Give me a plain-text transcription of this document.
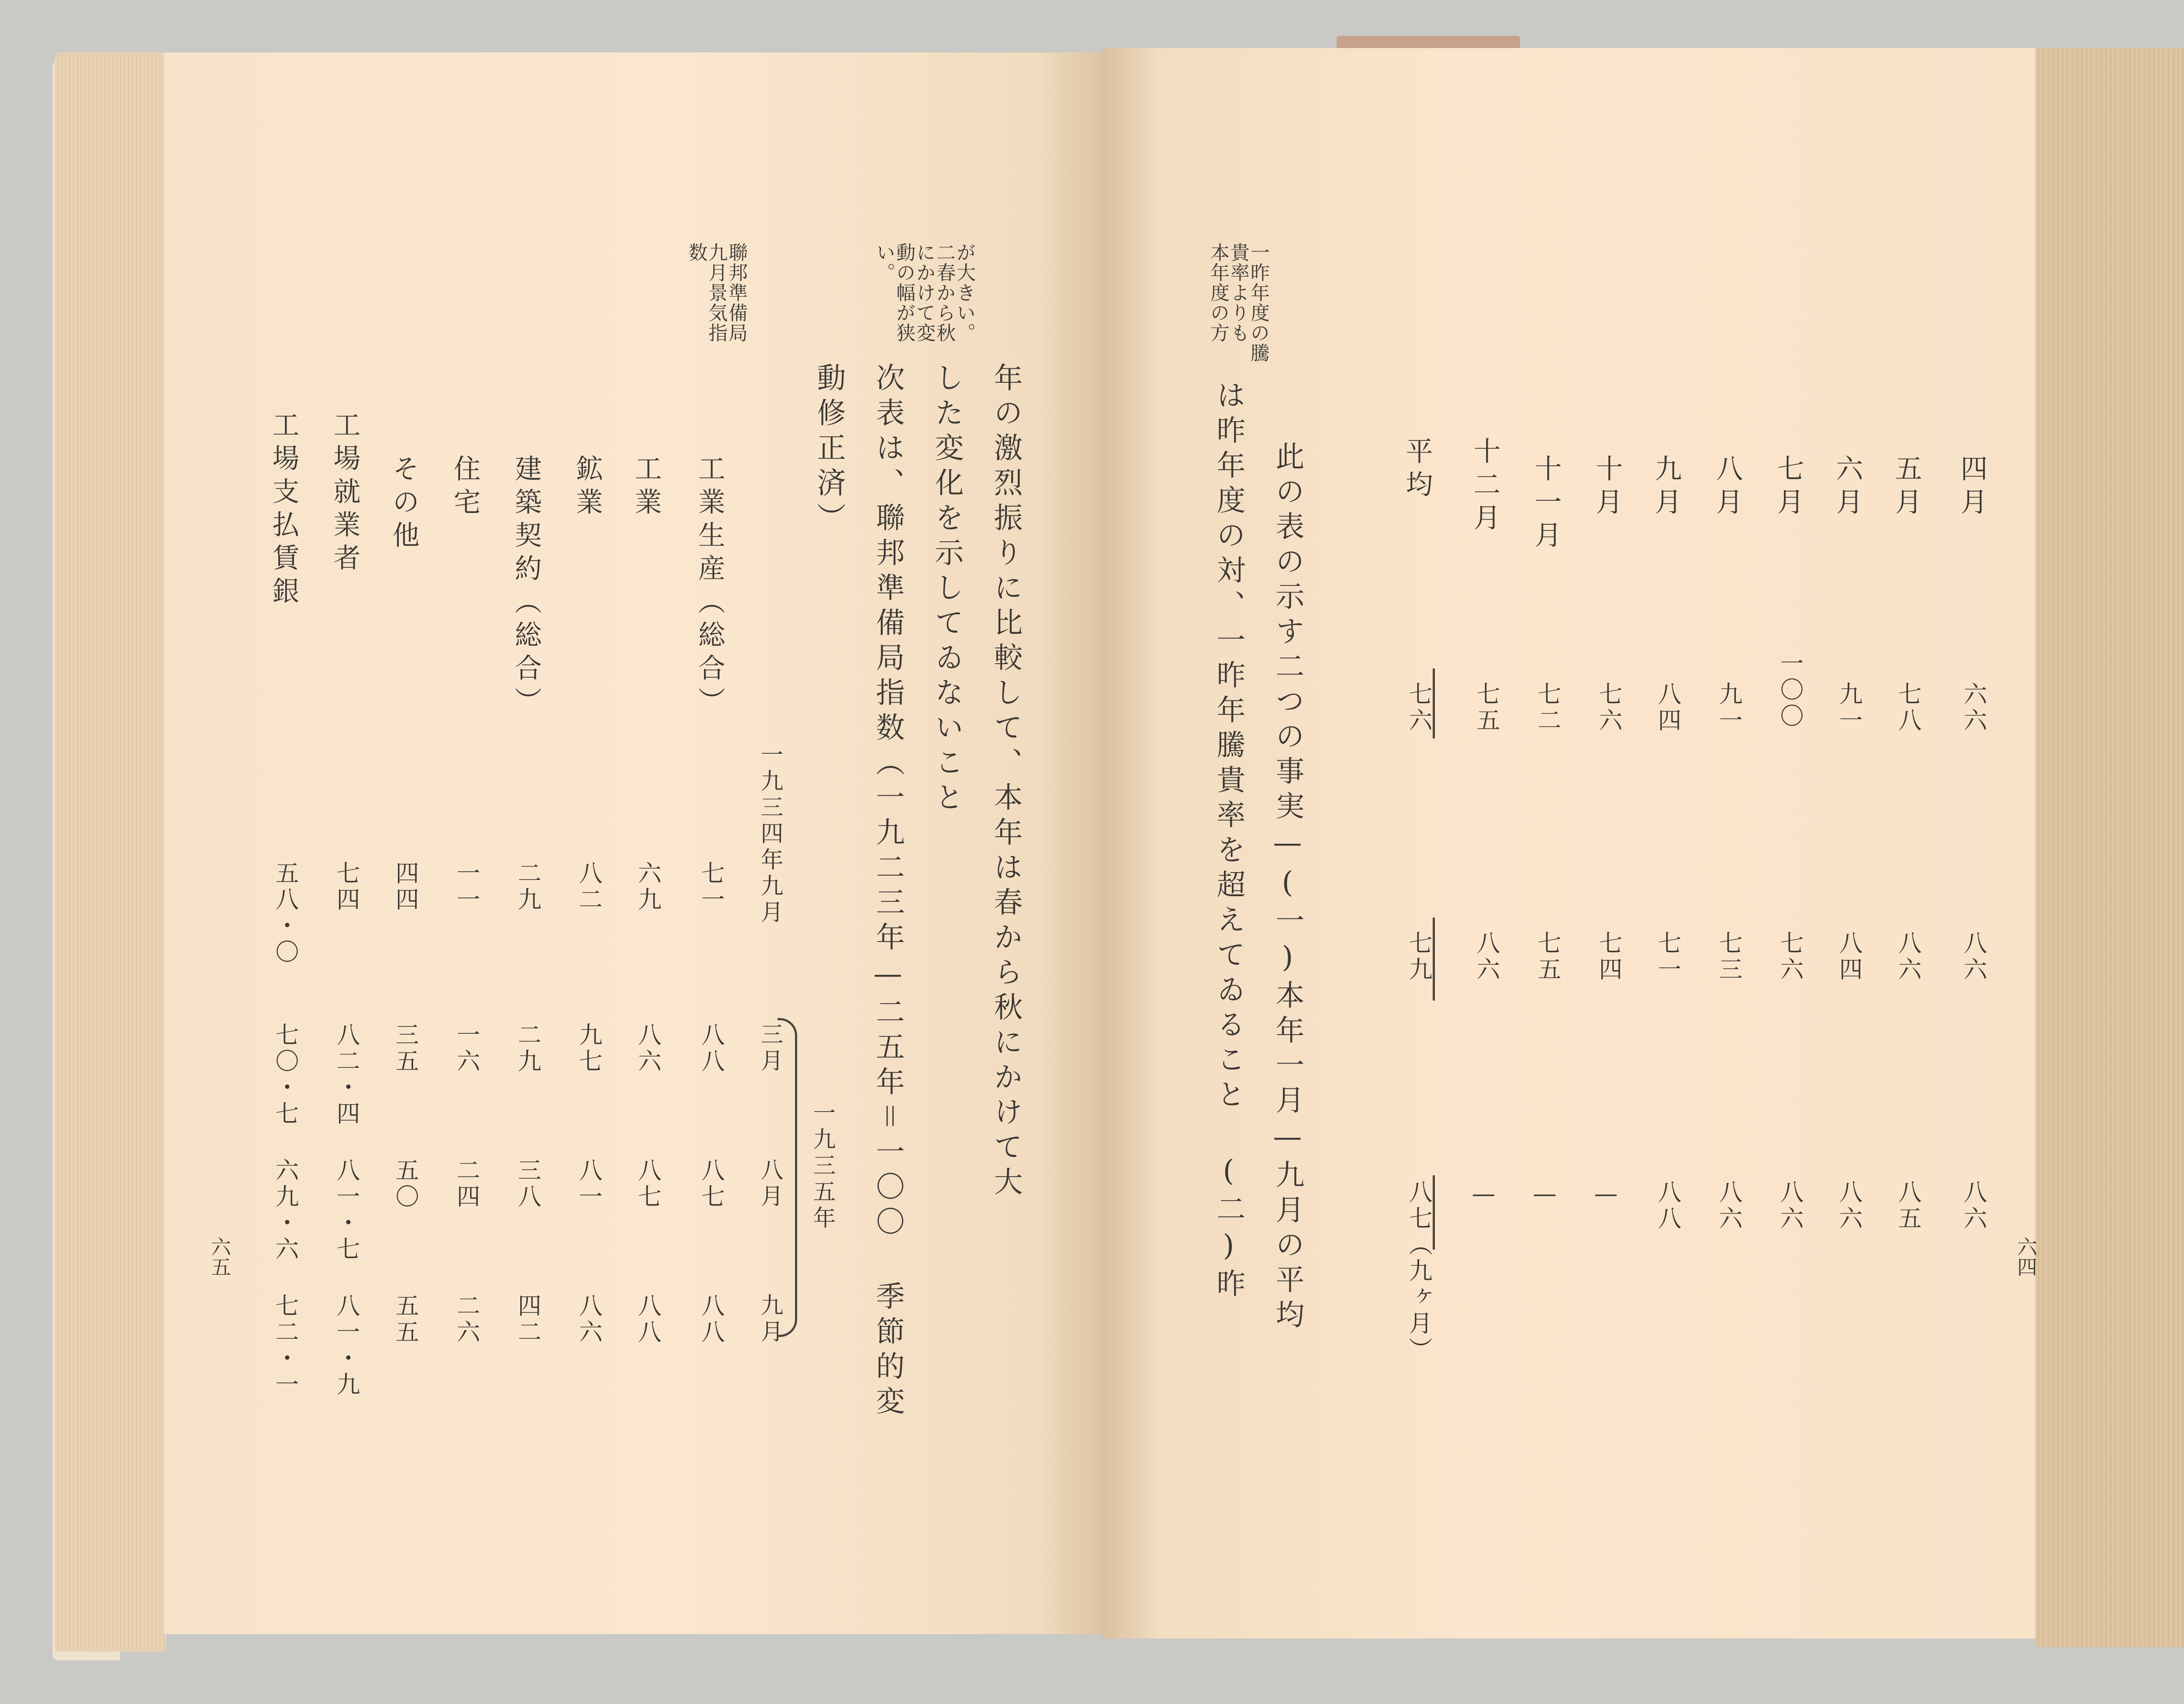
六四
四月
六六
八六
八六
五月
七八
八六
八五
六月
九一
八四
八六
七月
一〇〇
七六
八六
八月
九一
七三
八六
九月
八四
七一
八八
十月
七六
七四
—
十一月
七二
七五
—
十二月
七五
八六
—
平均
七六
七九
八七（九ヶ月）
一昨年度の騰
貴率よりも
本年度の方
此の表の示す二つの事実—(一)本年一月—九月の平均
は昨年度の対、一昨年騰貴率を超えてゐること (二)昨
六五
が大きい。
二春から秋
にかけて変
動の幅が狭
い。
聯邦準備局
九月景気指
数
年の激烈振りに比較して、本年は春から秋にかけて大
した変化を示してゐないこと
次表は、聯邦準備局指数（一九二三年—二五年＝一〇〇 季節的変
動修正済）
一九三四年九月
三月
八月
九月
一九三五年
工業生産（総合）
七一
八八
八七
八八
工業
六九
八六
八七
八八
鉱業
八二
九七
八一
八六
建築契約（総合）
二九
二九
三八
四二
住宅
一一
一六
二四
二六
その他
四四
三五
五〇
五五
工場就業者
七四
八二・四
八一・七
八一・九
工場支払賃銀
五八・〇
七〇・七
六九・六
七二・一
